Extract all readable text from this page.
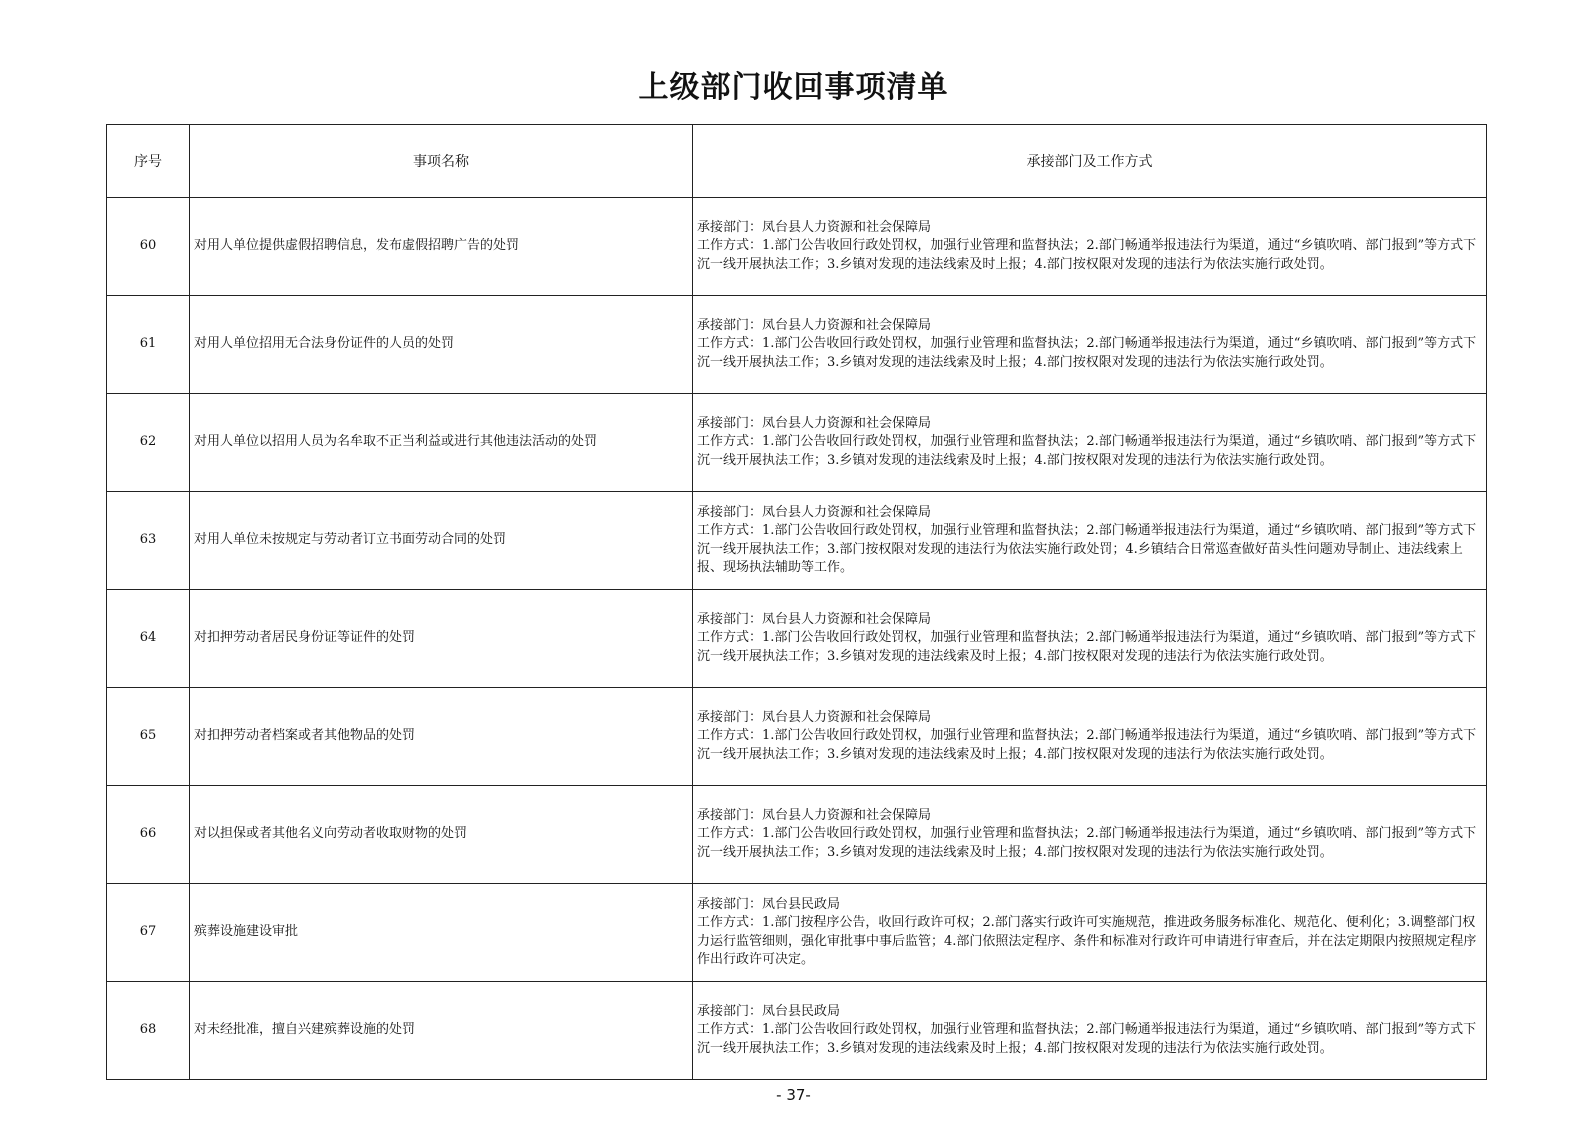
上级部门收回事项清单
序号	事项名称	承接部门及工作方式
60	对用人单位提供虚假招聘信息，发布虚假招聘广告的处罚	承接部门：凤台县人力资源和社会保障局
工作方式：1.部门公告收回行政处罚权，加强行业管理和监督执法；2.部门畅通举报违法行为渠道，通过“乡镇吹哨、部门报到”等方式下沉一线开展执法工作；3.乡镇对发现的违法线索及时上报；4.部门按权限对发现的违法行为依法实施行政处罚。

61	对用人单位招用无合法身份证件的人员的处罚	承接部门：凤台县人力资源和社会保障局
工作方式：1.部门公告收回行政处罚权，加强行业管理和监督执法；2.部门畅通举报违法行为渠道，通过“乡镇吹哨、部门报到”等方式下沉一线开展执法工作；3.乡镇对发现的违法线索及时上报；4.部门按权限对发现的违法行为依法实施行政处罚。

62	对用人单位以招用人员为名牟取不正当利益或进行其他违法活动的处罚	承接部门：凤台县人力资源和社会保障局
工作方式：1.部门公告收回行政处罚权，加强行业管理和监督执法；2.部门畅通举报违法行为渠道，通过“乡镇吹哨、部门报到”等方式下沉一线开展执法工作；3.乡镇对发现的违法线索及时上报；4.部门按权限对发现的违法行为依法实施行政处罚。

63	对用人单位未按规定与劳动者订立书面劳动合同的处罚	承接部门：凤台县人力资源和社会保障局
工作方式：1.部门公告收回行政处罚权，加强行业管理和监督执法；2.部门畅通举报违法行为渠道，通过“乡镇吹哨、部门报到”等方式下沉一线开展执法工作；3.部门按权限对发现的违法行为依法实施行政处罚；4.乡镇结合日常巡查做好苗头性问题劝导制止、违法线索上报、现场执法辅助等工作。

64	对扣押劳动者居民身份证等证件的处罚	承接部门：凤台县人力资源和社会保障局
工作方式：1.部门公告收回行政处罚权，加强行业管理和监督执法；2.部门畅通举报违法行为渠道，通过“乡镇吹哨、部门报到”等方式下沉一线开展执法工作；3.乡镇对发现的违法线索及时上报；4.部门按权限对发现的违法行为依法实施行政处罚。

65	对扣押劳动者档案或者其他物品的处罚	承接部门：凤台县人力资源和社会保障局
工作方式：1.部门公告收回行政处罚权，加强行业管理和监督执法；2.部门畅通举报违法行为渠道，通过“乡镇吹哨、部门报到”等方式下沉一线开展执法工作；3.乡镇对发现的违法线索及时上报；4.部门按权限对发现的违法行为依法实施行政处罚。

66	对以担保或者其他名义向劳动者收取财物的处罚	承接部门：凤台县人力资源和社会保障局
工作方式：1.部门公告收回行政处罚权，加强行业管理和监督执法；2.部门畅通举报违法行为渠道，通过“乡镇吹哨、部门报到”等方式下沉一线开展执法工作；3.乡镇对发现的违法线索及时上报；4.部门按权限对发现的违法行为依法实施行政处罚。

67	殡葬设施建设审批	承接部门：凤台县民政局
工作方式：1.部门按程序公告，收回行政许可权；2.部门落实行政许可实施规范，推进政务服务标准化、规范化、便利化；3.调整部门权力运行监管细则，强化审批事中事后监管；4.部门依照法定程序、条件和标准对行政许可申请进行审查后，并在法定期限内按照规定程序作出行政许可决定。

68	对未经批准，擅自兴建殡葬设施的处罚	承接部门：凤台县民政局
工作方式：1.部门公告收回行政处罚权，加强行业管理和监督执法；2.部门畅通举报违法行为渠道，通过“乡镇吹哨、部门报到”等方式下沉一线开展执法工作；3.乡镇对发现的违法线索及时上报；4.部门按权限对发现的违法行为依法实施行政处罚。
- 37-
